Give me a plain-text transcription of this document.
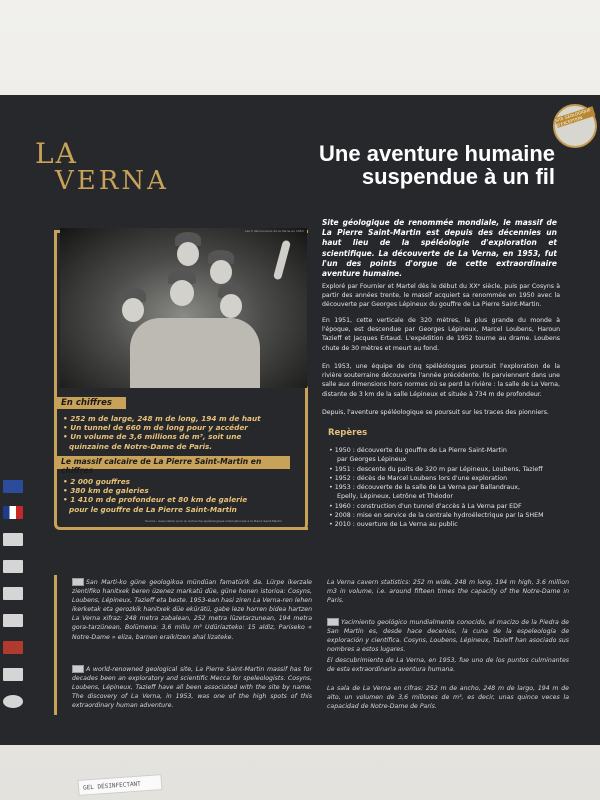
LA
VERNA
SITE GÉOLOGIQUE D'EXCEPTION
Une aventure humaine
suspendue à un fil
Les 5 découvreurs de la Verna en 1953
En chiffres
• 252 m de large, 248 m de long, 194 m de haut
• Un tunnel de 660 m de long pour y accéder
• Un volume de 3,6 millions de m³, soit une
quinzaine de Notre-Dame de Paris.
Le massif calcaire de La Pierre Saint-Martin en chiffres
• 2 000 gouffres
• 380 km de galeries
• 1 410 m de profondeur et 80 km de galerie
pour le gouffre de La Pierre Saint-Martin
Source : Association pour la recherche spéléologique internationale à la Pierre Saint-Martin
Site géologique de renommée mondiale, le massif de La Pierre Saint-Martin est depuis des décennies un haut lieu de la spéléologie d'exploration et scientifique. La découverte de La Verna, en 1953, fut l'un des points d'orgue de cette extraordinaire aventure humaine.
Exploré par Fournier et Martel dès le début du XXᵉ siècle, puis par Cosyns à partir des années trente, le massif acquiert sa renommée en 1950 avec la découverte par Georges Lépineux du gouffre de La Pierre Saint-Martin.
En 1951, cette verticale de 320 mètres, la plus grande du monde à l'époque, est descendue par Georges Lépineux, Marcel Loubens, Haroun Tazieff et Jacques Ertaud. L'expédition de 1952 tourne au drame. Loubens chute de 30 mètres et meurt au fond.
En 1953, une équipe de cinq spéléologues poursuit l'exploration de la rivière souterraine découverte l'année précédente. Ils parviennent dans une salle aux dimensions hors normes où se perd la rivière : la salle de La Verna, distante de 3 km de la salle Lépineux et située à 734 m de profondeur.
Depuis, l'aventure spéléologique se poursuit sur les traces des pionniers.
Repères
• 1950 : découverte du gouffre de La Pierre Saint-Martin
par Georges Lépineux
• 1951 : descente du puits de 320 m par Lépineux, Loubens, Tazieff
• 1952 : décès de Marcel Loubens lors d'une exploration
• 1953 : découverte de la salle de La Verna par Ballandraux,
Epelly, Lépineux, Letrône et Théodor
• 1960 : construction d'un tunnel d'accès à La Verna par EDF
• 2008 : mise en service de la centrale hydroélectrique par la SHEM
• 2010 : ouverture de La Verna au public
San Marti-ko güne geologikoa mündüan famatürik da. Lürpe ikerzale zientifiko hanitxek beren üzenez markatü düe, güne honen istorioa: Cosyns, Loubens, Lépineux, Tazieff eta beste. 1953-ean hasi ziren La Verna-ren lehen ikerketak eta gerozkik hanitxek düe ekürätü, gabe leze horren bidea hartzen La Verna xifraz: 248 metra zabalean, 252 metra lüzetarzunean, 194 metra gora-tarzünean, Bolümena: 3,6 miliu m³ Udüriazteko: 15 aldiz, Pariseko « Notre-Dame » eliza, barnen eraikitzen ahal lizateke.
A world-renowned geological site, La Pierre Saint-Martin massif has for decades been an exploratory and scientific Mecca for speleologists. Cosyns, Loubens, Lépineux, Tazieff have all been associated with the site by name. The discovery of La Verna, in 1953, was one of the high spots of this extraordinary human adventure.
La Verna cavern statistics: 252 m wide, 248 m long, 194 m high, 3.6 million m3 in volume, i.e. around fifteen times the capacity of the Notre-Dame in Paris.
Yacimiento geológico mundialmente conocido, el macizo de la Piedra de San Martín es, desde hace decenios, la cuna de la espeleología de exploración y científica. Cosyns, Loubens, Lépineux, Tazieff han asociado sus nombres a estos lugares.
El descubrimiento de La Verna, en 1953, fue uno de los puntos culminantes de esta extraordinaria aventura humana.
La sala de La Verna en cifras: 252 m de ancho, 248 m de largo, 194 m de alto, un volumen de 3,6 millones de m³, es decir, unas quince veces la capacidad de Notre-Dame de París.
GEL DÉSINFECTANT
